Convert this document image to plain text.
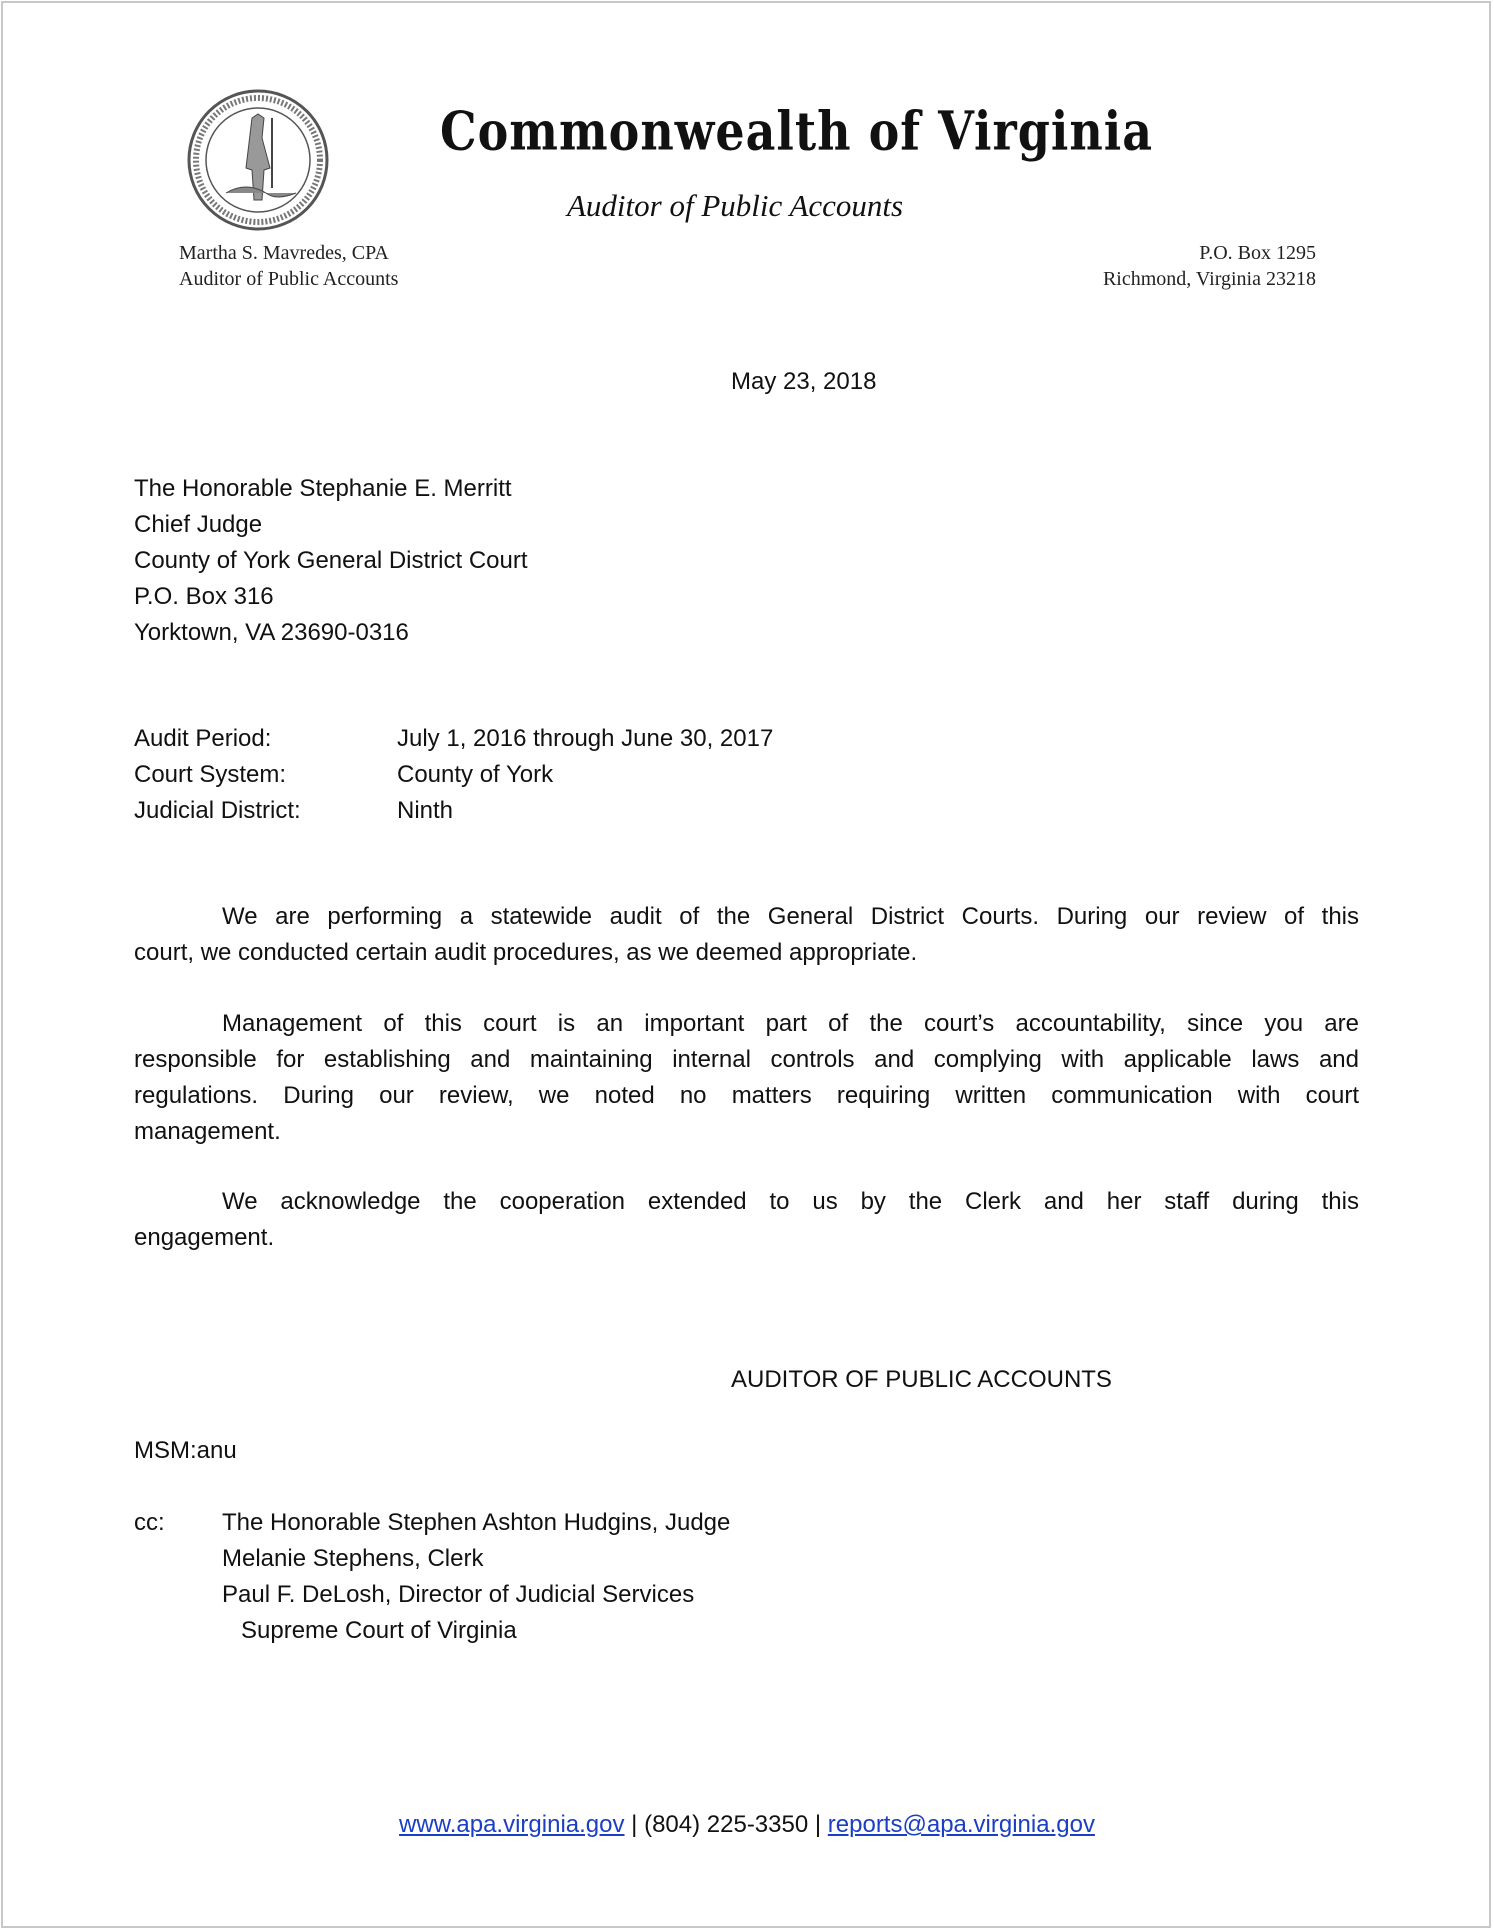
Commonwealth of Virginia
Auditor of Public Accounts
Martha S. Mavredes, CPA
Auditor of Public Accounts
P.O. Box 1295
Richmond, Virginia 23218
May 23, 2018
The Honorable Stephanie E. Merritt
Chief Judge
County of York General District Court
P.O. Box 316
Yorktown, VA 23690-0316
Audit Period:	July 1, 2016 through June 30, 2017
Court System:	County of York
Judicial District:	Ninth
We are performing a statewide audit of the General District Courts. During our review of this
court, we conducted certain audit procedures, as we deemed appropriate.
Management of this court is an important part of the court’s accountability, since you are
responsible for establishing and maintaining internal controls and complying with applicable laws and
regulations. During our review, we noted no matters requiring written communication with court
management.
We acknowledge the cooperation extended to us by the Clerk and her staff during this
engagement.
AUDITOR OF PUBLIC ACCOUNTS
MSM:anu
cc: The Honorable Stephen Ashton Hudgins, Judge
Melanie Stephens, Clerk
Paul F. DeLosh, Director of Judicial Services
Supreme Court of Virginia
www.apa.virginia.gov | (804) 225-3350 | reports@apa.virginia.gov
